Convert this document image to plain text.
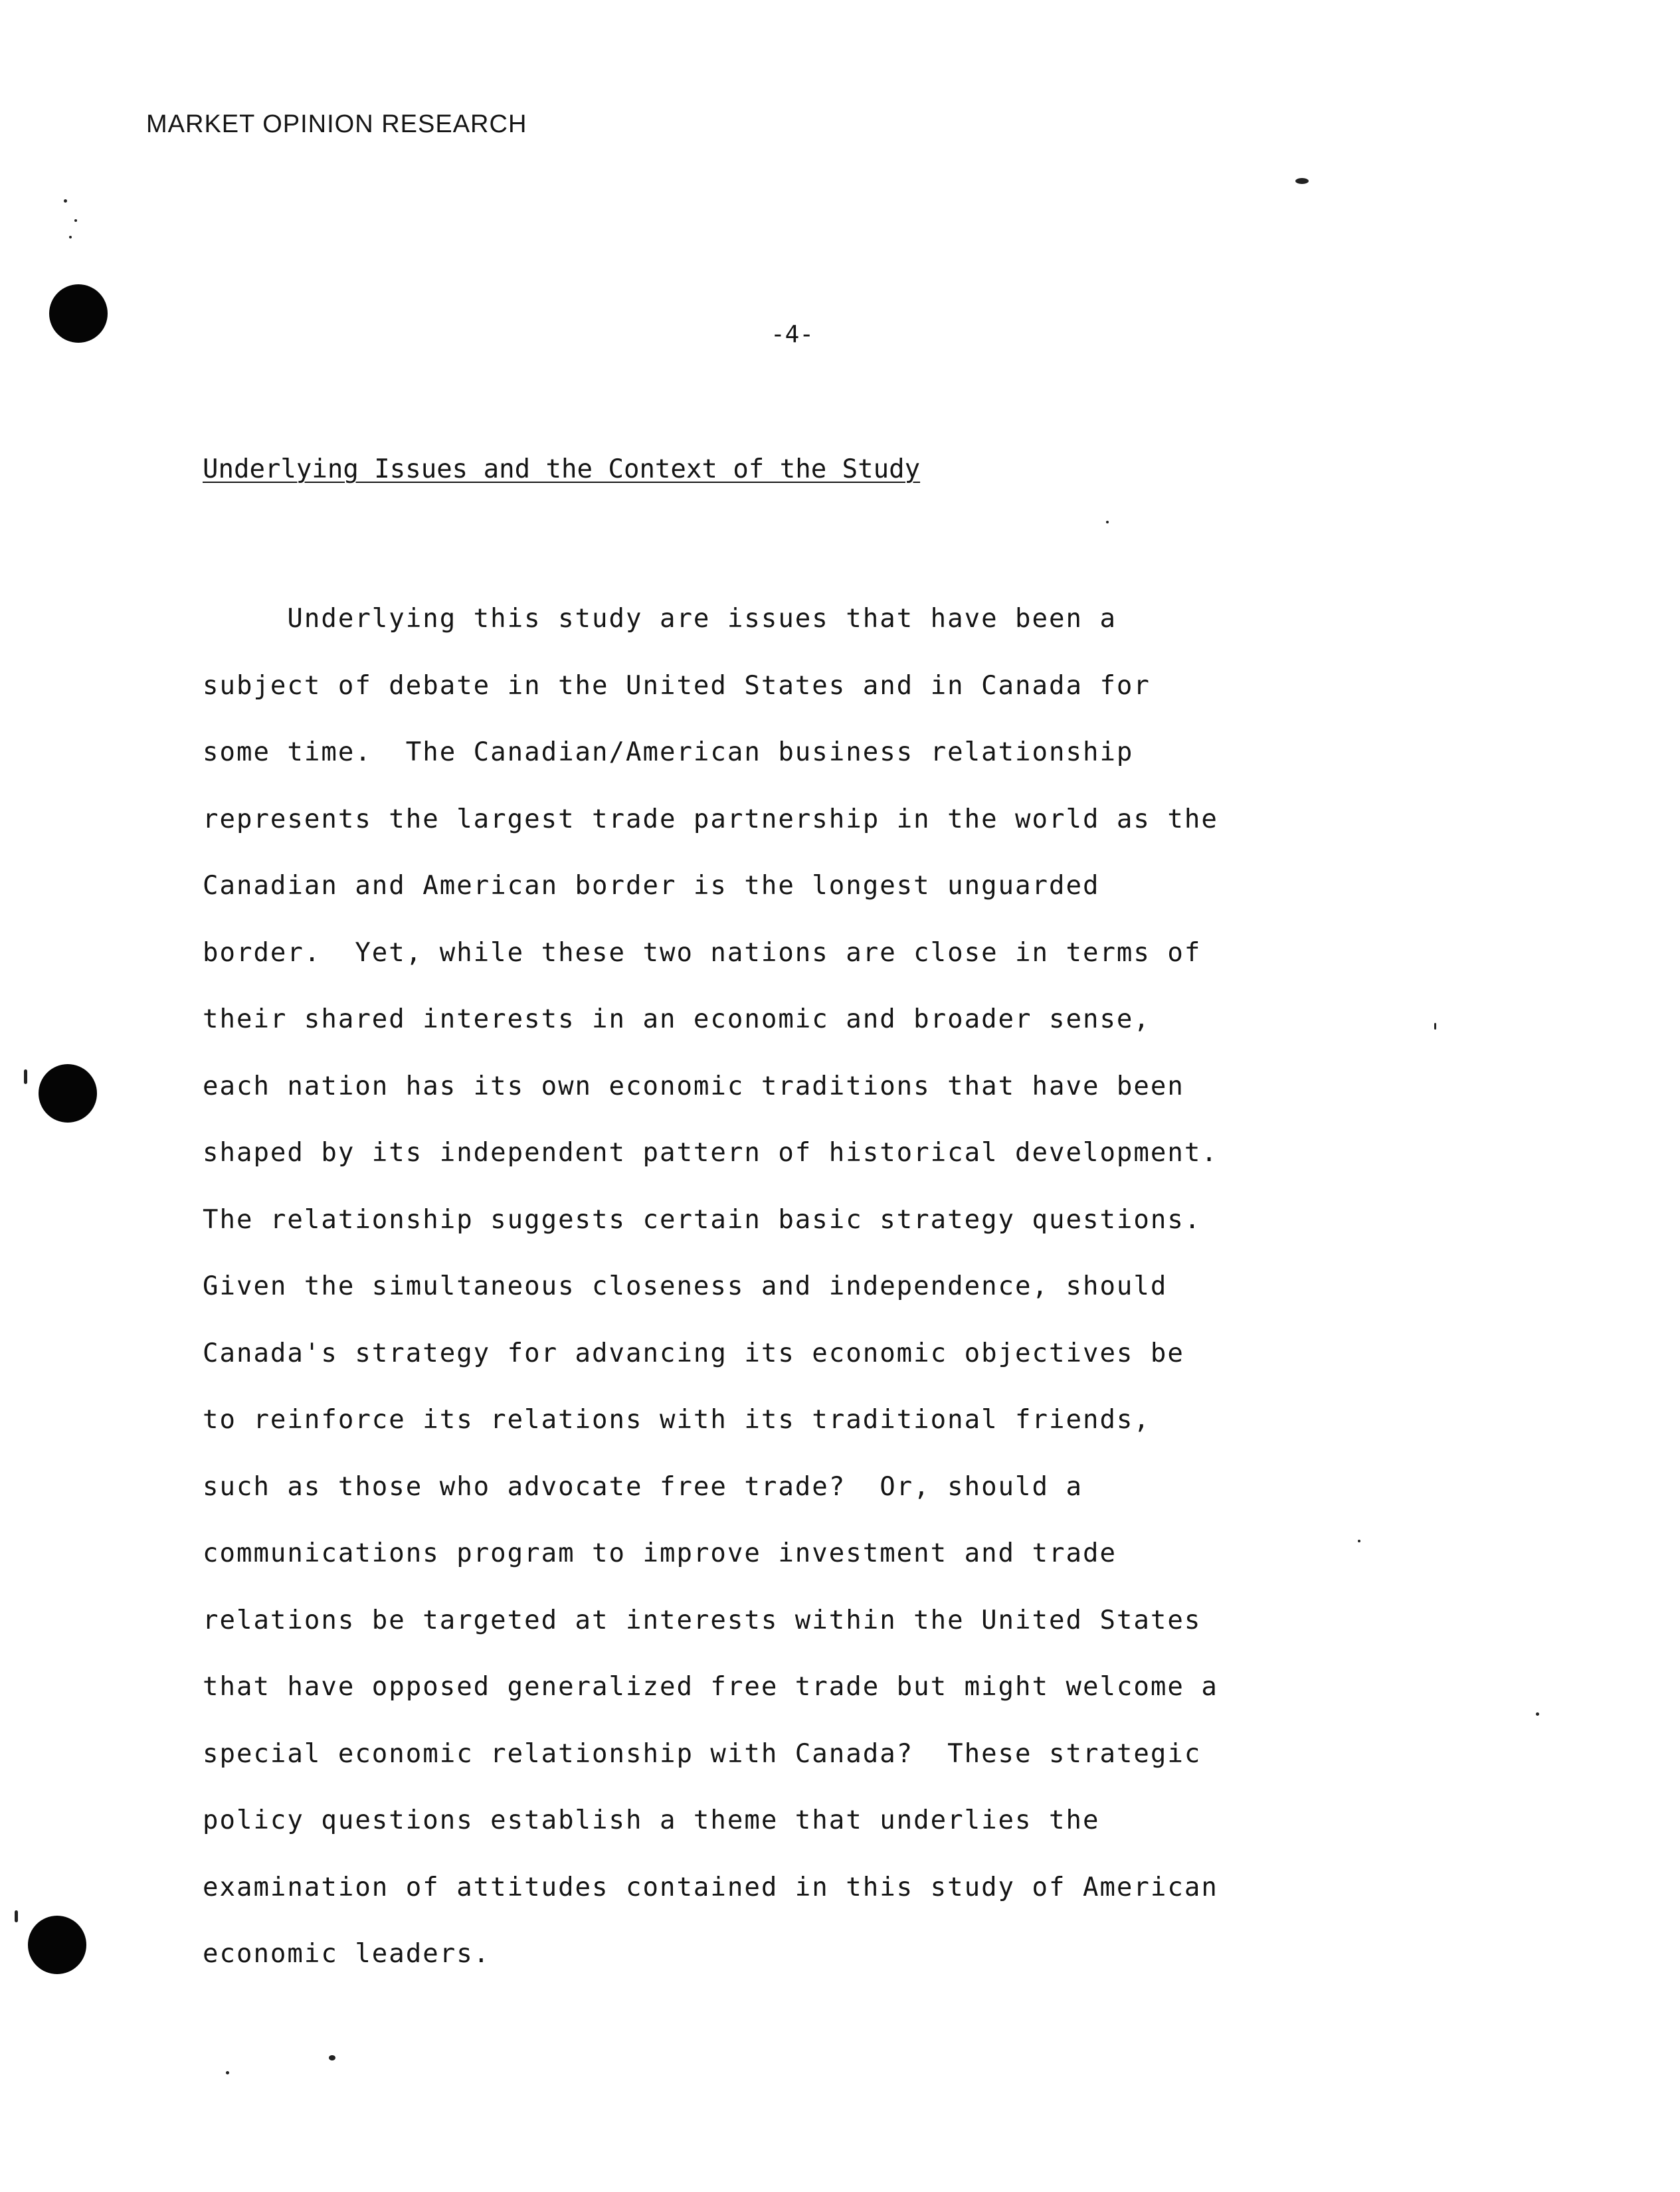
MARKET OPINION RESEARCH
-4-
Underlying Issues and the Context of the Study
Underlying this study are issues that have been a
subject of debate in the United States and in Canada for
some time.  The Canadian/American business relationship
represents the largest trade partnership in the world as the
Canadian and American border is the longest unguarded
border.  Yet, while these two nations are close in terms of
their shared interests in an economic and broader sense,
each nation has its own economic traditions that have been
shaped by its independent pattern of historical development.
The relationship suggests certain basic strategy questions.
Given the simultaneous closeness and independence, should
Canada's strategy for advancing its economic objectives be
to reinforce its relations with its traditional friends,
such as those who advocate free trade?  Or, should a
communications program to improve investment and trade
relations be targeted at interests within the United States
that have opposed generalized free trade but might welcome a
special economic relationship with Canada?  These strategic
policy questions establish a theme that underlies the
examination of attitudes contained in this study of American
economic leaders.
